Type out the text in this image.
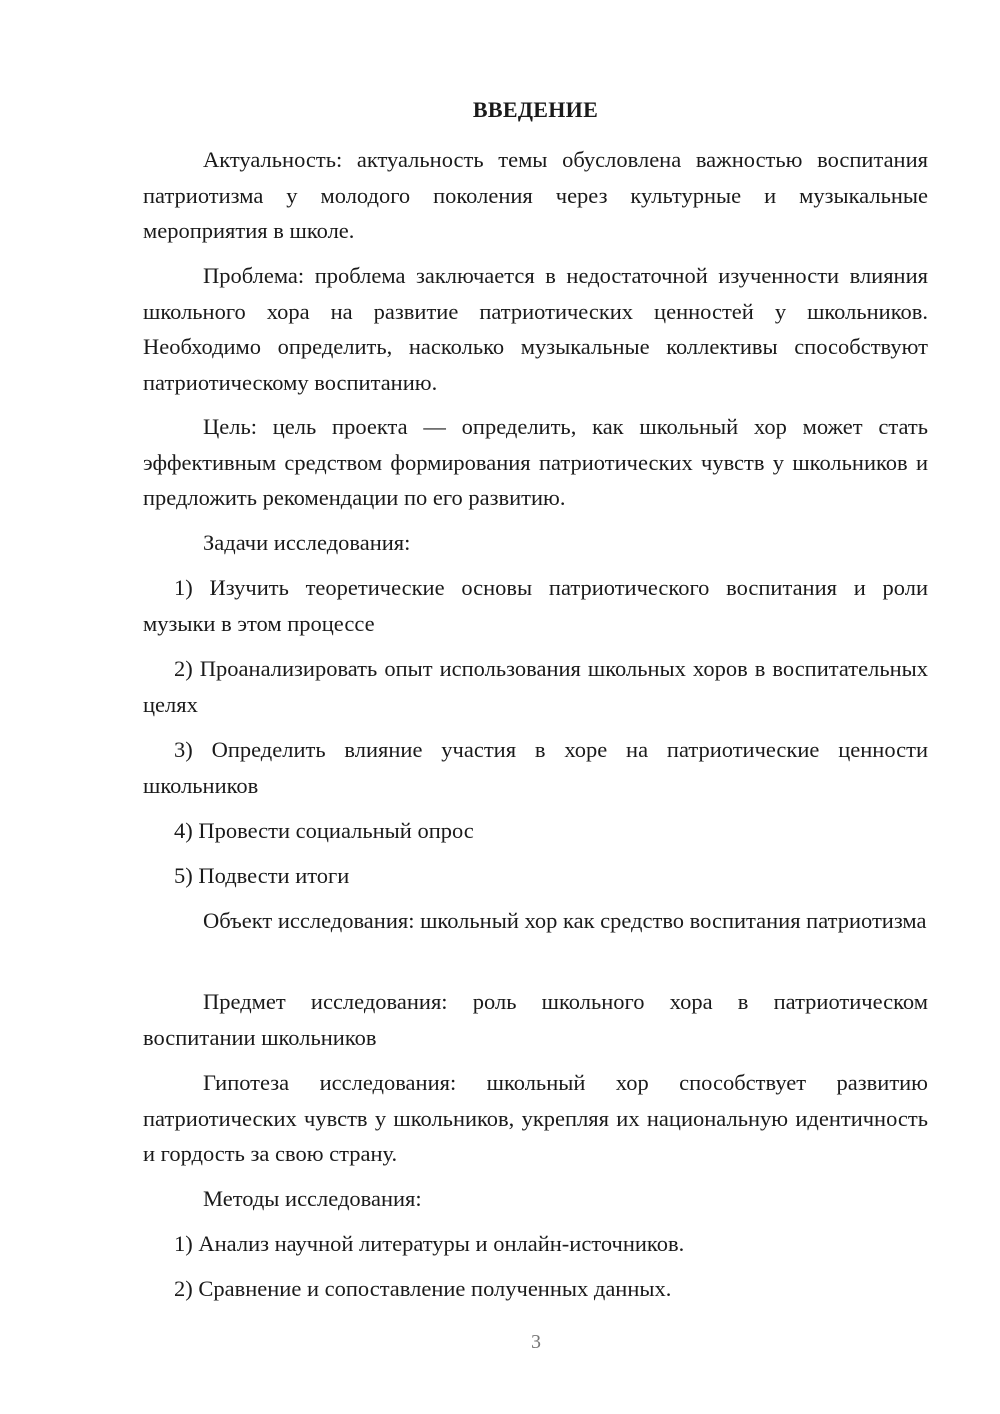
ВВЕДЕНИЕ

Актуальность: актуальность темы обусловлена важностью воспитания патриотизма у молодого поколения через культурные и музыкальные мероприятия в школе.

Проблема: проблема заключается в недостаточной изученности влияния школьного хора на развитие патриотических ценностей у школьников. Необходимо определить, насколько музыкальные коллективы способствуют патриотическому воспитанию.

Цель: цель проекта — определить, как школьный хор может стать эффективным средством формирования патриотических чувств у школьников и предложить рекомендации по его развитию.

Задачи исследования:

1) Изучить теоретические основы патриотического воспитания и роли музыки в этом процессе

2) Проанализировать опыт использования школьных хоров в воспитательных целях

3) Определить влияние участия в хоре на патриотические ценности школьников

4) Провести социальный опрос

5) Подвести итоги

Объект исследования: школьный хор как средство воспитания патриотизма

Предмет исследования: роль школьного хора в патриотическом воспитании школьников

Гипотеза исследования: школьный хор способствует развитию патриотических чувств у школьников, укрепляя их национальную идентичность и гордость за свою страну.

Методы исследования:

1) Анализ научной литературы и онлайн-источников.

2) Сравнение и сопоставление полученных данных.

3
